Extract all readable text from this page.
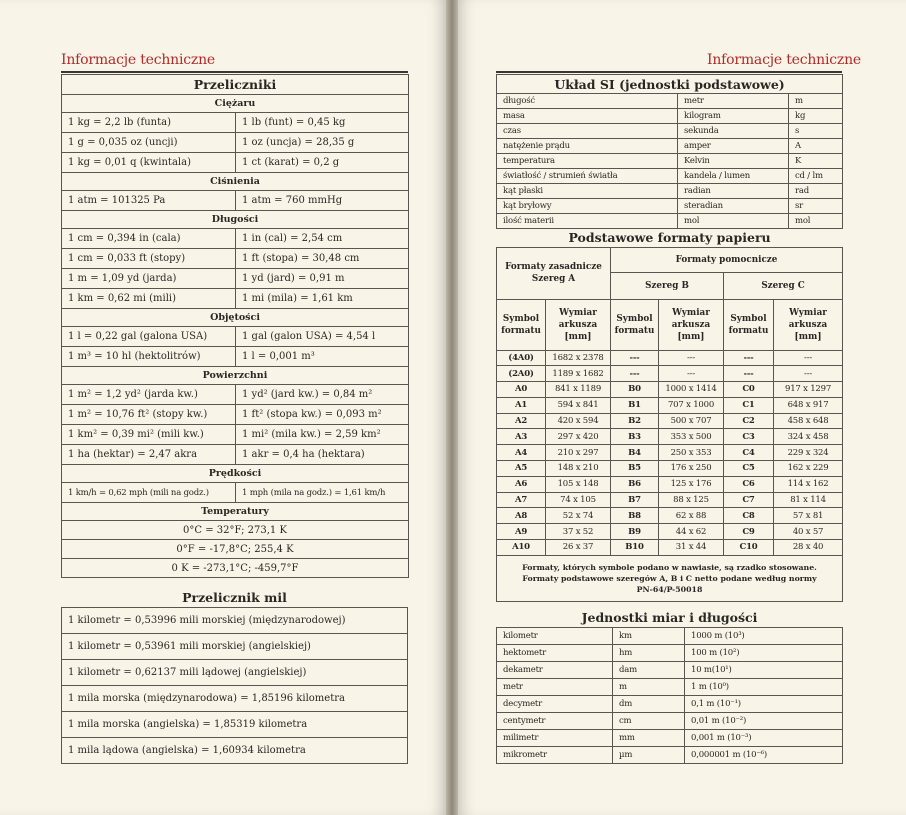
Informacje techniczne
Przeliczniki	
Ciężaru	
1 kg = 2,2 lb (funta)	1 lb (funt) = 0,45 kg
1 g = 0,035 oz (uncji)	1 oz (uncja) = 28,35 g
1 kg = 0,01 q (kwintala)	1 ct (karat) = 0,2 g
Ciśnienia	
1 atm = 101325 Pa	1 atm = 760 mmHg
Długości	
1 cm = 0,394 in (cala)	1 in (cal) = 2,54 cm
1 cm = 0,033 ft (stopy)	1 ft (stopa) = 30,48 cm
1 m = 1,09 yd (jarda)	1 yd (jard) = 0,91 m
1 km = 0,62 mi (mili)	1 mi (mila) = 1,61 km
Objętości	
1 l = 0,22 gal (galona USA)	1 gal (galon USA) = 4,54 l
1 m³ = 10 hl (hektolitrów)	1 l = 0,001 m³
Powierzchni	
1 m² = 1,2 yd² (jarda kw.)	1 yd² (jard kw.) = 0,84 m²
1 m² = 10,76 ft² (stopy kw.)	1 ft² (stopa kw.) = 0,093 m²
1 km² = 0,39 mi² (mili kw.)	1 mi² (mila kw.) = 2,59 km²
1 ha (hektar) = 2,47 akra	1 akr = 0,4 ha (hektara)
Prędkości	
1 km/h = 0,62 mph (mili na godz.)	1 mph (mila na godz.) = 1,61 km/h
Temperatury	
0°C = 32°F; 273,1 K	
0°F = -17,8°C; 255,4 K	
0 K = -273,1°C; -459,7°F	
Przelicznik mil
1 kilometr = 0,53996 mili morskiej (międzynarodowej)
1 kilometr = 0,53961 mili morskiej (angielskiej)
1 kilometr = 0,62137 mili lądowej (angielskiej)
1 mila morska (międzynarodowa) = 1,85196 kilometra
1 mila morska (angielska) = 1,85319 kilometra
1 mila lądowa (angielska) = 1,60934 kilometra
Informacje techniczne
Układ SI (jednostki podstawowe)		
długość	metr	m
masa	kilogram	kg
czas	sekunda	s
natężenie prądu	amper	A
temperatura	Kelvin	K
światłość / strumień światła	kandela / lumen	cd / lm
kąt płaski	radian	rad
kąt bryłowy	steradian	sr
ilość materii	mol	mol
Podstawowe formaty papieru					
Formaty zasadnicze Szereg A		Formaty pomocnicze			
		Szereg B		Szereg C	
Symbol formatu	Wymiar arkusza [mm]	Symbol formatu	Wymiar arkusza [mm]	Symbol formatu	Wymiar arkusza [mm]
(4A0)	1682 x 2378	---	---	---	---
(2A0)	1189 x 1682	---	---	---	---
A0	841 x 1189	B0	1000 x 1414	C0	917 x 1297
A1	594 x 841	B1	707 x 1000	C1	648 x 917
A2	420 x 594	B2	500 x 707	C2	458 x 648
A3	297 x 420	B3	353 x 500	C3	324 x 458
A4	210 x 297	B4	250 x 353	C4	229 x 324
A5	148 x 210	B5	176 x 250	C5	162 x 229
A6	105 x 148	B6	125 x 176	C6	114 x 162
A7	74 x 105	B7	88 x 125	C7	81 x 114
A8	52 x 74	B8	62 x 88	C8	57 x 81
A9	37 x 52	B9	44 x 62	C9	40 x 57
A10	26 x 37	B10	31 x 44	C10	28 x 40
Formaty, których symbole podano w nawiasie, są rzadko stosowane. Formaty podstawowe szeregów A, B i C netto podane według normy PN-64/P-50018					
Jednostki miar i długości		
kilometr	km	1000 m (10³)
hektometr	hm	100 m (10²)
dekametr	dam	10 m(10¹)
metr	m	1 m (10⁰)
decymetr	dm	0,1 m (10⁻¹)
centymetr	cm	0,01 m (10⁻²)
milimetr	mm	0,001 m (10⁻³)
mikrometr	µm	0,000001 m (10⁻⁶)
